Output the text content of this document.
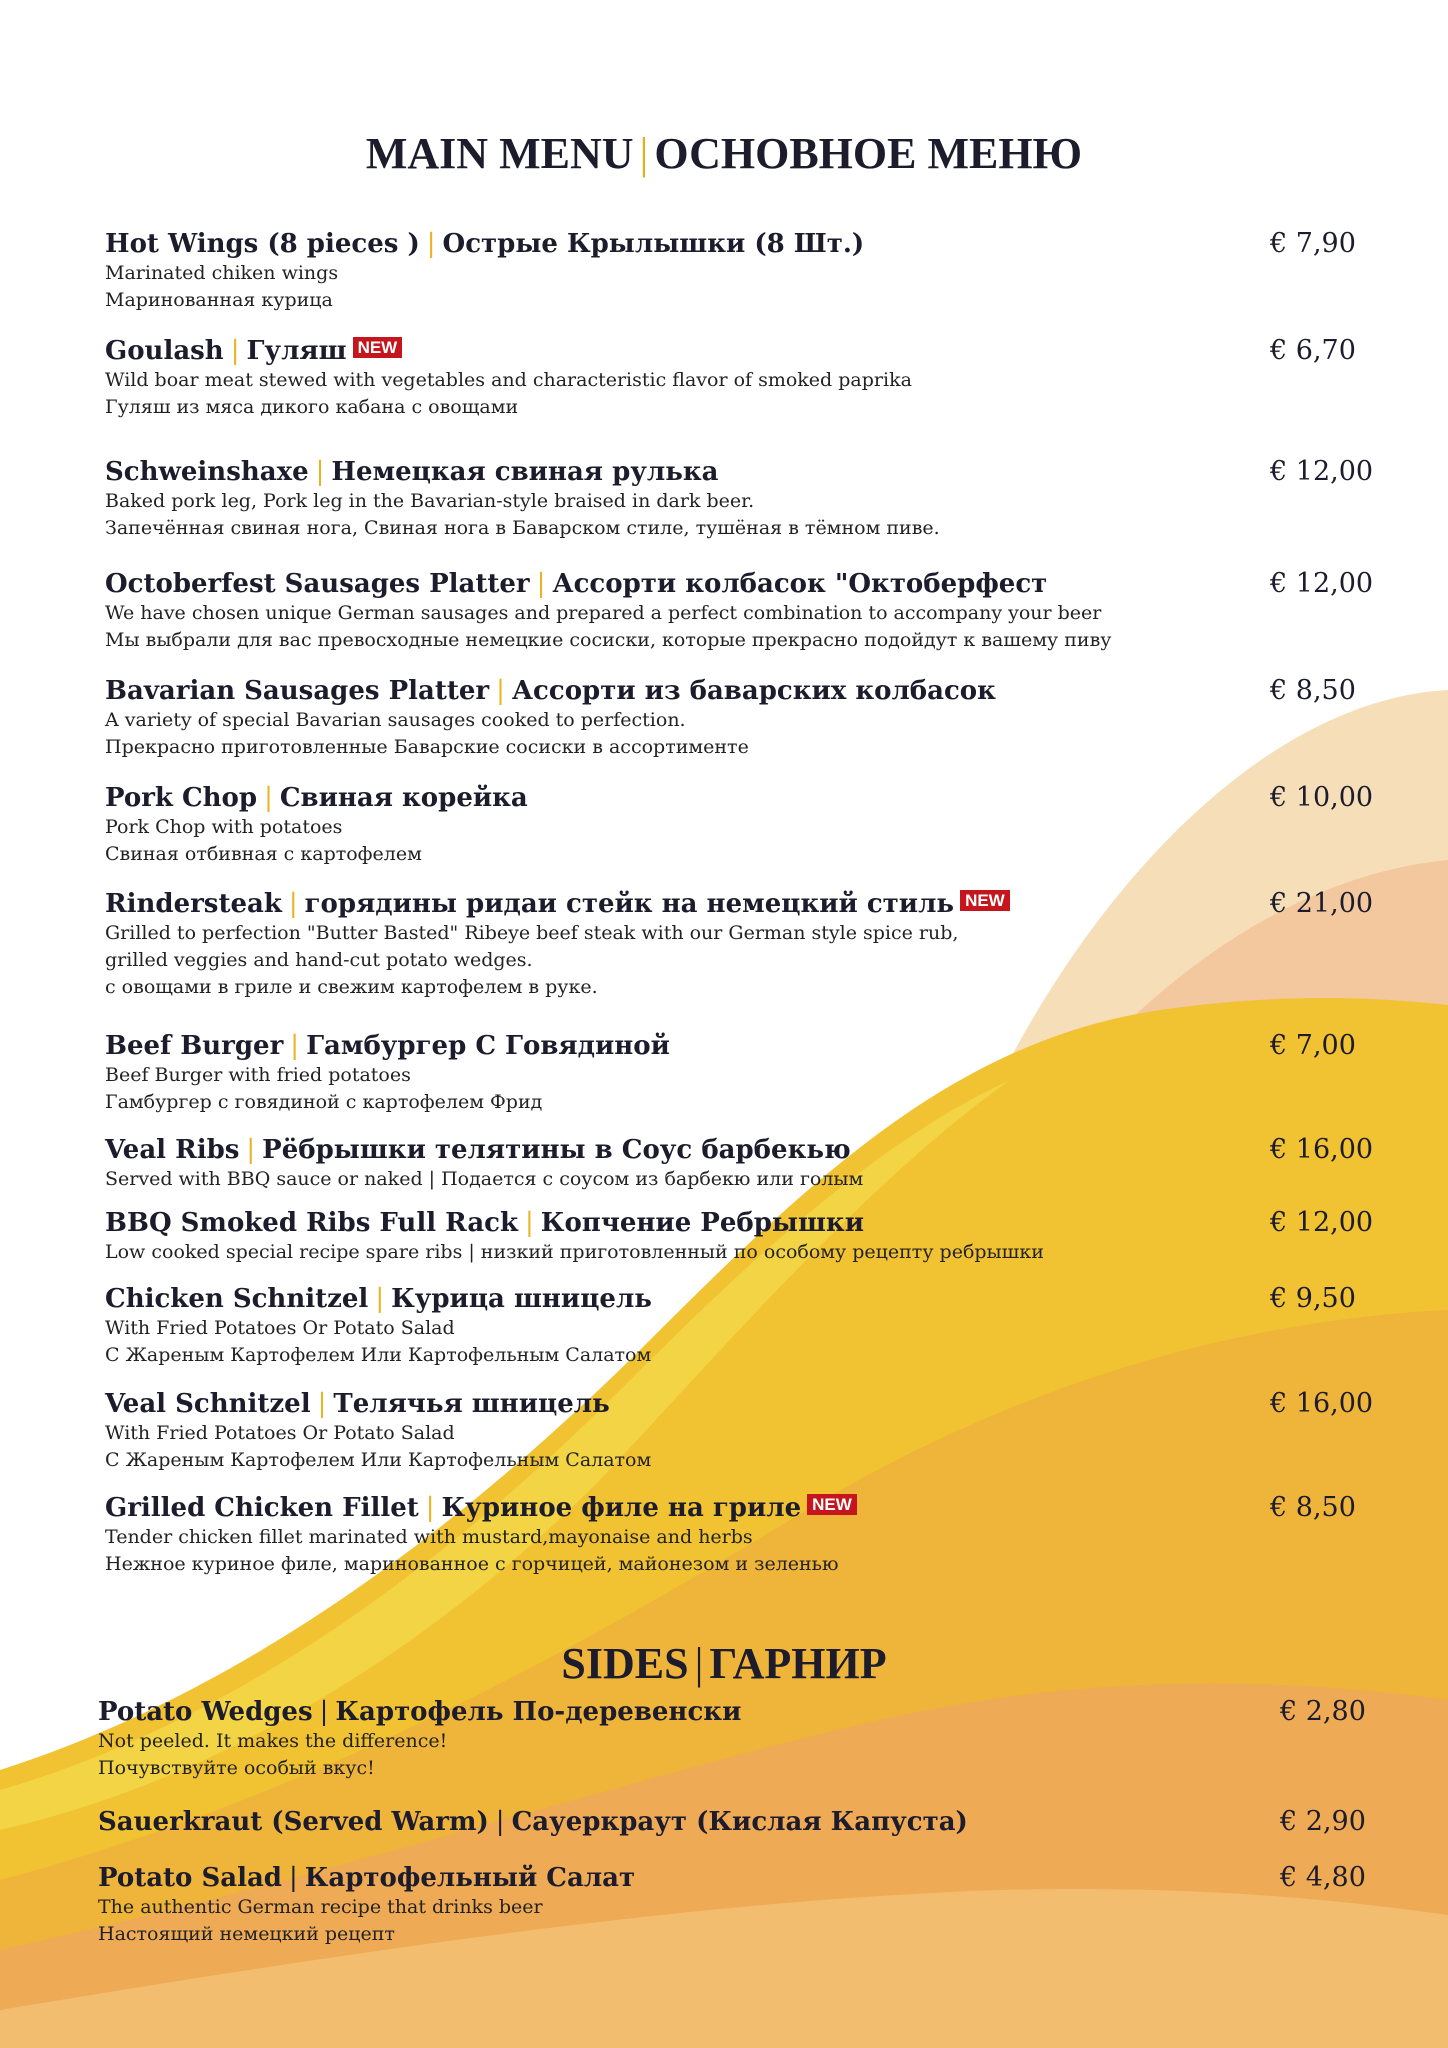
MAIN MENU | ОСНОВНОЕ МЕНЮ
Hot Wings (8 pieces ) | Острые Крылышки (8 Шт.)
Marinated chiken wings
Маринованная курица
€ 7,90
Goulash | Гуляш NEW
Wild boar meat stewed with vegetables and characteristic flavor of smoked paprika
Гуляш из мяса дикого кабана с овощами
€ 6,70
Schweinshaxe | Немецкая свиная рулька
Baked pork leg, Pork leg in the Bavarian-style braised in dark beer.
Запечённая свиная нога, Свиная нога в Баварском стиле, тушёная в тёмном пиве.
€ 12,00
Octoberfest Sausages Platter | Ассорти колбасок "Октоберфест
We have chosen unique German sausages and prepared a perfect combination to accompany your beer
Мы выбрали для вас превосходные немецкие сосиски, которые прекрасно подойдут к вашему пиву
€ 12,00
Bavarian Sausages Platter | Ассорти из баварских колбасок
A variety of special Bavarian sausages cooked to perfection.
Прекрасно приготовленные Баварские сосиски в ассортименте
€ 8,50
Pork Chop | Свиная корейка
Pork Chop with potatoes
Свиная отбивная с картофелем
€ 10,00
Rindersteak | горядины ридаи стейк на немецкий стиль NEW
Grilled to perfection "Butter Basted" Ribeye beef steak with our German style spice rub,
grilled veggies and hand-cut potato wedges.
с овощами в гриле и свежим картофелем в руке.
€ 21,00
Beef Burger | Гамбургер С Говядиной
Beef Burger with fried potatoes
Гамбургер с говядиной с картофелем Фрид
€ 7,00
Veal Ribs | Рёбрышки телятины в Соус барбекью
Served with BBQ sauce or naked | Подается с соусом из барбекю или голым
€ 16,00
BBQ Smoked Ribs Full Rack | Копчение Ребрышки
Low cooked special recipe spare ribs | низкий приготовленный по особому рецепту ребрышки
€ 12,00
Chicken Schnitzel | Курица шницель
With Fried Potatoes Or Potato Salad
С Жареным Картофелем Или Картофельным Салатом
€ 9,50
Veal Schnitzel | Телячья шницель
With Fried Potatoes Or Potato Salad
С Жареным Картофелем Или Картофельным Салатом
€ 16,00
Grilled Chicken Fillet | Куриное филе на гриле NEW
Tender chicken fillet marinated with mustard,mayonaise and herbs
Нежное куриное филе, маринованное с горчицей, майонезом и зеленью
€ 8,50
SIDES | ГАРНИР
Potato Wedges | Картофель По-деревенски
Not peeled. It makes the difference!
Почувствуйте особый вкус!
€ 2,80
Sauerkraut (Served Warm) | Сауеркраут (Кислая Капуста)	€ 2,90
Potato Salad | Картофельный Салат
The authentic German recipe that drinks beer
Настоящий немецкий рецепт
€ 4,80
